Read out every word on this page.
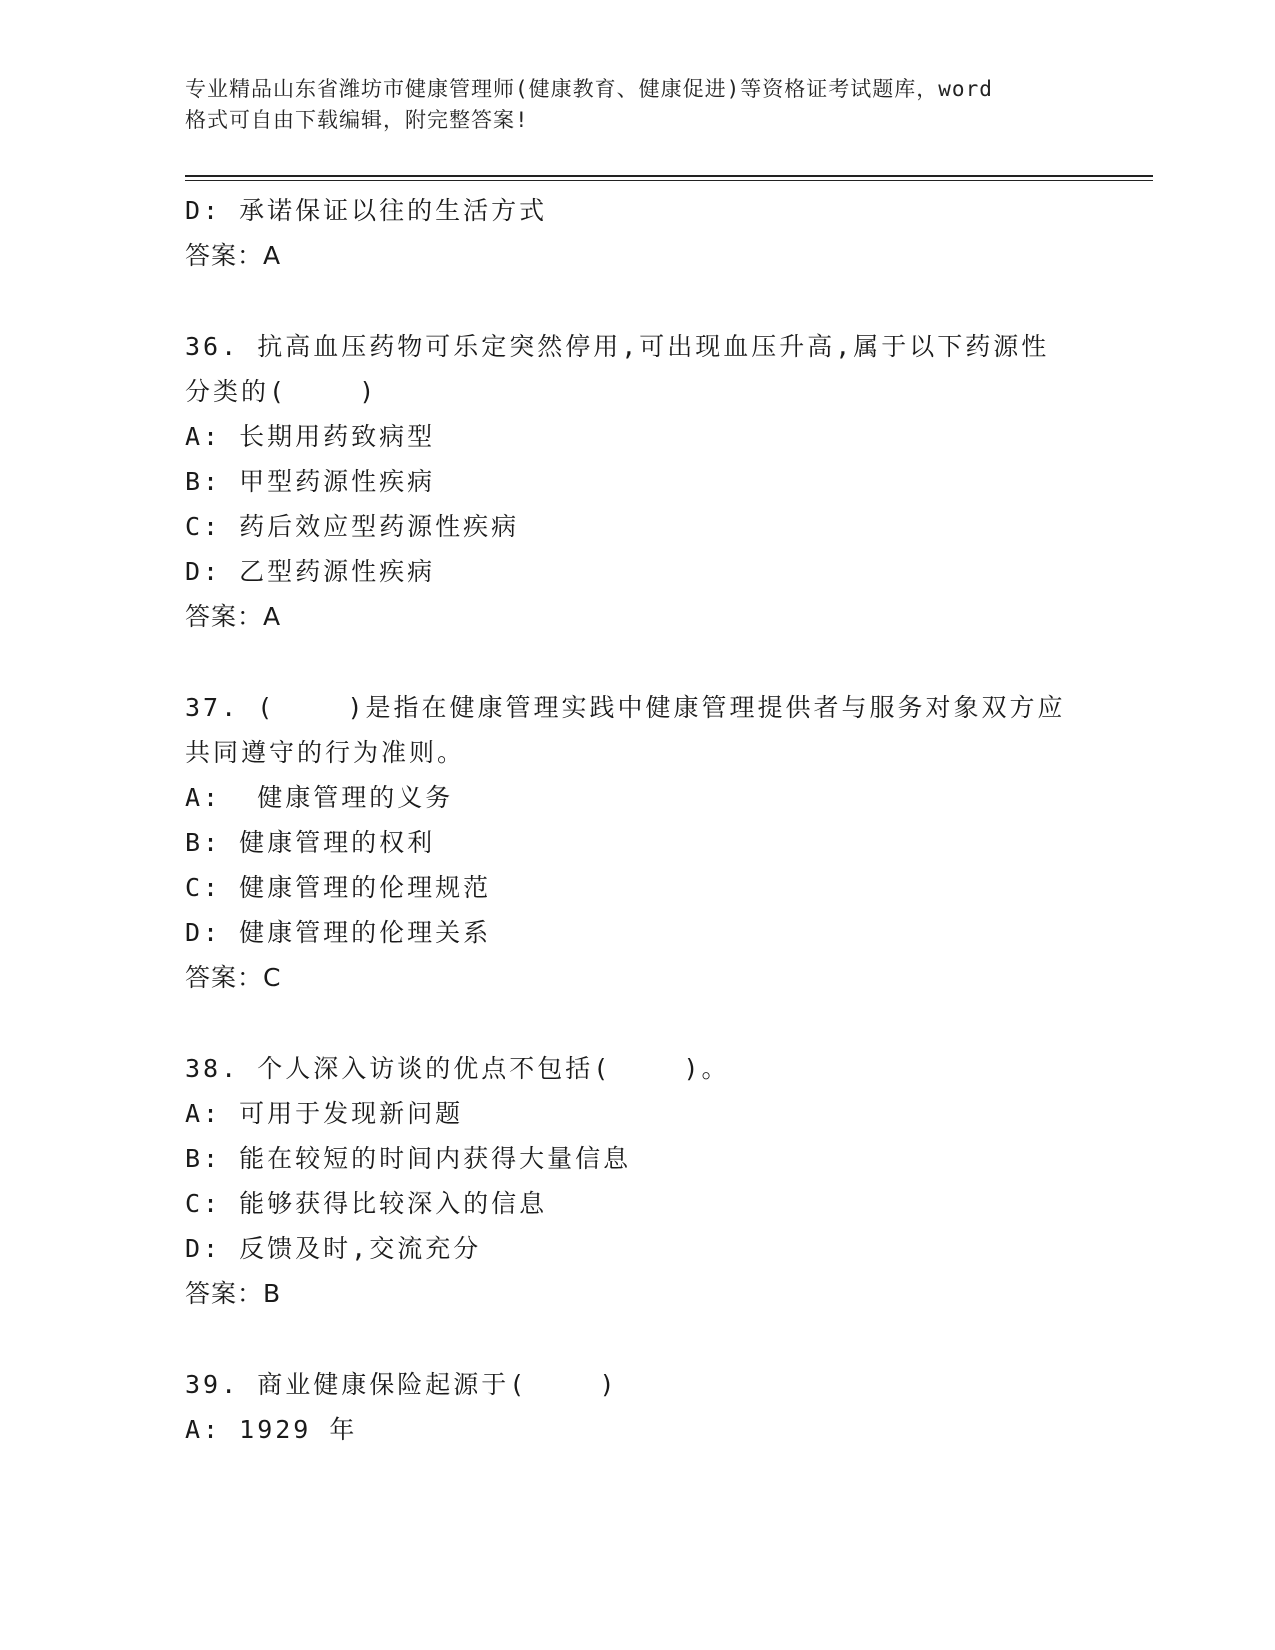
专业精品山东省潍坊市健康管理师(健康教育、健康促进)等资格证考试题库，word
格式可自由下载编辑，附完整答案!
D: 承诺保证以往的生活方式
答案：A
36. 抗高血压药物可乐定突然停用,可出现血压升高,属于以下药源性
分类的(    )
A: 长期用药致病型
B: 甲型药源性疾病
C: 药后效应型药源性疾病
D: 乙型药源性疾病
答案：A
37. (    )是指在健康管理实践中健康管理提供者与服务对象双方应
共同遵守的行为准则。
A:  健康管理的义务
B: 健康管理的权利
C: 健康管理的伦理规范
D: 健康管理的伦理关系
答案：C
38. 个人深入访谈的优点不包括(    )。
A: 可用于发现新问题
B: 能在较短的时间内获得大量信息
C: 能够获得比较深入的信息
D: 反馈及时,交流充分
答案：B
39. 商业健康保险起源于(    )
A: 1929 年
